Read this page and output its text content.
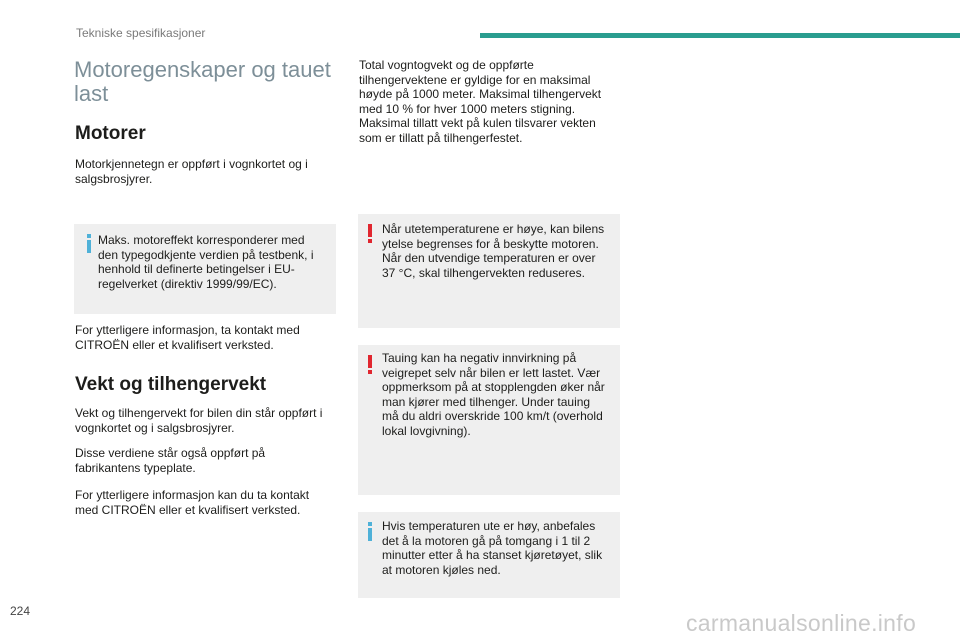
Tekniske spesifikasjoner
Motoregenskaper og tauet last
Motorer
Motorkjennetegn er oppført i vognkortet og i salgsbrosjyrer.
Maks. motoreffekt korresponderer med den typegodkjente verdien på testbenk, i henhold til definerte betingelser i EU-regelverket (direktiv 1999/99/EC).
For ytterligere informasjon, ta kontakt med CITROËN eller et kvalifisert verksted.
Vekt og tilhengervekt
Vekt og tilhengervekt for bilen din står oppført i vognkortet og i salgsbrosjyrer.
Disse verdiene står også oppført på fabrikantens typeplate.
For ytterligere informasjon kan du ta kontakt med CITROËN eller et kvalifisert verksted.
Total vogntogvekt og de oppførte tilhengervektene er gyldige for en maksimal høyde på 1000 meter. Maksimal tilhengervekt med 10 % for hver 1000 meters stigning. Maksimal tillatt vekt på kulen tilsvarer vekten som er tillatt på tilhengerfestet.
Når utetemperaturene er høye, kan bilens ytelse begrenses for å beskytte motoren. Når den utvendige temperaturen er over 37 °C, skal tilhengervekten reduseres.
Tauing kan ha negativ innvirkning på veigrepet selv når bilen er lett lastet. Vær oppmerksom på at stopplengden øker når man kjører med tilhenger. Under tauing må du aldri overskride 100 km/t (overhold lokal lovgivning).
Hvis temperaturen ute er høy, anbefales det å la motoren gå på tomgang i 1 til 2 minutter etter å ha stanset kjøretøyet, slik at motoren kjøles ned.
224	carmanualsonline.info
